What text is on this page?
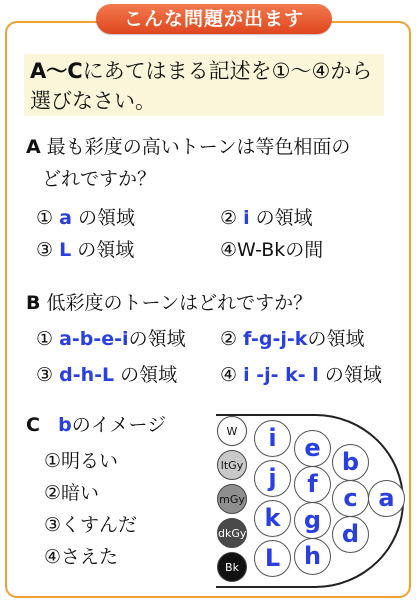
こんな問題が出ます
A〜Cにあてはまる記述を①〜④から
選びなさい。
A 最も彩度の高いトーンは等色相面の
どれですか？
① a の領域	② i の領域
③ L の領域	④W-Bkの間
B 低彩度のトーンはどれですか？
① a-b-e-iの領域 ② f-g-j-kの領域
③ d-h-L の領域 ④ i -j- k- l の領域
C bのイメージ
①明るい
②暗い
③くすんだ
④さえた
W
ltGy
mGy
dkGy
Bk
i
j
k
L
e
f
g
h
b
c
d
a
